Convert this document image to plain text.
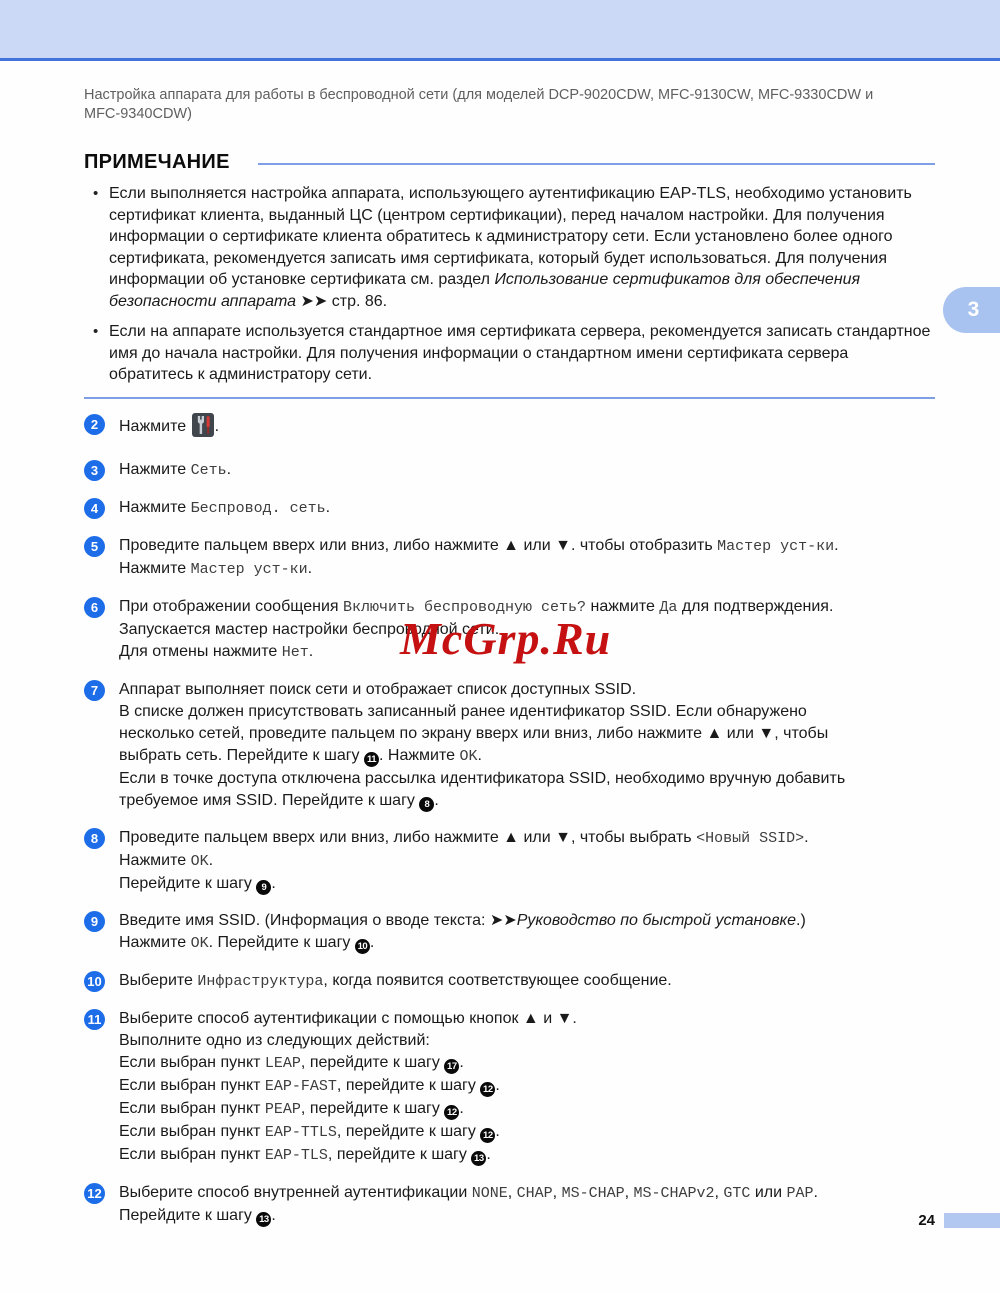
Настройка аппарата для работы в беспроводной сети (для моделей DCP-9020CDW, MFC-9130CW, MFC-9330CDW и
MFC-9340CDW)
ПРИМЕЧАНИЕ
• Если выполняется настройка аппарата, использующего аутентификацию EAP-TLS, необходимо установить сертификат клиента, выданный ЦС (центром сертификации), перед началом настройки. Для получения информации о сертификате клиента обратитесь к администратору сети. Если установлено более одного сертификата, рекомендуется записать имя сертификата, который будет использоваться. Для получения информации об установке сертификата см. раздел Использование сертификатов для обеспечения безопасности аппарата ➤➤ стр. 86.
• Если на аппарате используется стандартное имя сертификата сервера, рекомендуется записать стандартное имя до начала настройки. Для получения информации о стандартном имени сертификата сервера обратитесь к администратору сети.
2	Нажмите .
3	Нажмите Сеть.
4	Нажмите Беспровод. сеть.
5	Проведите пальцем вверх или вниз, либо нажмите ▲ или ▼. чтобы отобразить Мастер уст-ки.
Нажмите Мастер уст-ки.
6	При отображении сообщения Включить беспроводную сеть? нажмите Да для подтверждения.
Запускается мастер настройки беспроводной сети.
Для отмены нажмите Нет.
7	Аппарат выполняет поиск сети и отображает список доступных SSID.
В списке должен присутствовать записанный ранее идентификатор SSID. Если обнаружено
несколько сетей, проведите пальцем по экрану вверх или вниз, либо нажмите ▲ или ▼, чтобы
выбрать сеть. Перейдите к шагу 11 . Нажмите OK.
Если в точке доступа отключена рассылка идентификатора SSID, необходимо вручную добавить
требуемое имя SSID. Перейдите к шагу 8 .
8	Проведите пальцем вверх или вниз, либо нажмите ▲ или ▼, чтобы выбрать <Новый SSID>.
Нажмите OK.
Перейдите к шагу 9 .
9	Введите имя SSID. (Информация о вводе текста: ➤➤Руководство по быстрой установке.)
Нажмите OK. Перейдите к шагу 10 .
10 Выберите Инфраструктура, когда появится соответствующее сообщение.
11 Выберите способ аутентификации с помощью кнопок ▲ и ▼.
Выполните одно из следующих действий:
Если выбран пункт LEAP, перейдите к шагу 17 .
Если выбран пункт EAP-FAST, перейдите к шагу 12 .
Если выбран пункт PEAP, перейдите к шагу 12 .
Если выбран пункт EAP-TTLS, перейдите к шагу 12 .
Если выбран пункт EAP-TLS, перейдите к шагу 13 .
12 Выберите способ внутренней аутентификации NONE, CHAP, MS-CHAP, MS-CHAPv2, GTC или PAP.
Перейдите к шагу 13 .
McGrp.Ru
3
24
